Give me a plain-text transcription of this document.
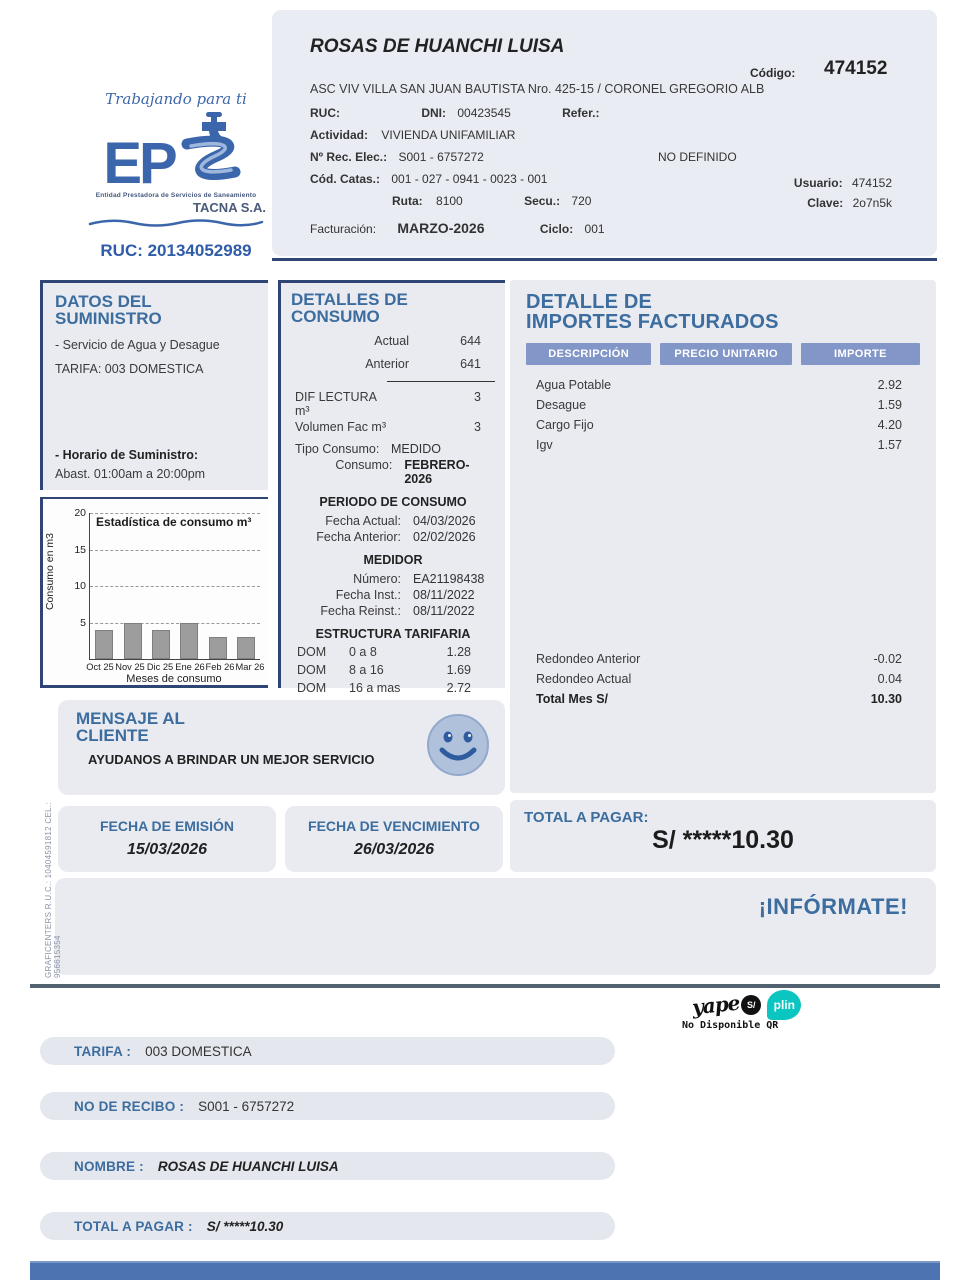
Trabajando para ti
EP
Entidad Prestadora de Servicios de Saneamiento
TACNA S.A.
RUC: 20134052989
ROSAS DE HUANCHI LUISA
Código: 474152
ASC VIV VILLA SAN JUAN BAUTISTA Nro. 425-15 / CORONEL GREGORIO ALB
RUC:	DNI: 00423545	Refer.:
Actividad: VIVIENDA UNIFAMILIAR
Nº Rec. Elec.: S001 - 6757272	NO DEFINIDO
Cód. Catas.: 001 - 027 - 0941 - 0023 - 001
Ruta: 8100	Secu.: 720
Usuario: 474152
Clave: 2o7n5k
Facturación: MARZO-2026	Ciclo: 001
DATOS DEL
SUMINISTRO
- Servicio de Agua y Desague
TARIFA: 003 DOMESTICA
- Horario de Suministro:
Abast. 01:00am a 20:00pm
Consumo en m3
Estadística de consumo m³
5
10
15
20
Oct 25 Nov 25 Dic 25 Ene 26 Feb 26 Mar 26
Meses de consumo
DETALLES DE
CONSUMO
Actual	644
Anterior	641
DIF LECTURA m³
3
Volumen Fac m³	3
Tipo Consumo: MEDIDO
Consumo: FEBRERO-2026
PERIODO DE CONSUMO
Fecha Actual: 04/03/2026
Fecha Anterior: 02/02/2026
MEDIDOR
Número: EA21198438
Fecha Inst.: 08/11/2022
Fecha Reinst.: 08/11/2022
ESTRUCTURA TARIFARIA
DOM	0 a 8	1.28
DOM	8 a 16	1.69
DOM	16 a mas	2.72
DETALLE DE
IMPORTES FACTURADOS
DESCRIPCIÓN	PRECIO UNITARIO	IMPORTE
Agua Potable	2.92
Desague	1.59
Cargo Fijo	4.20
Igv	1.57
Redondeo Anterior	-0.02
Redondeo Actual	0.04
Total Mes S/	10.30
MENSAJE AL
CLIENTE
AYUDANOS A BRINDAR UN MEJOR SERVICIO
FECHA DE EMISIÓN
15/03/2026
FECHA DE VENCIMIENTO
26/03/2026
TOTAL A PAGAR:
S/ *****10.30
¡INFÓRMATE!
GRAFICENTERS R.U.C.: 10404591812 CEL.: 956615354
yape S/	plin
No Disponible QR
TARIFA : 003 DOMESTICA
NO DE RECIBO : S001 - 6757272
NOMBRE : ROSAS DE HUANCHI LUISA
TOTAL A PAGAR : S/ *****10.30
